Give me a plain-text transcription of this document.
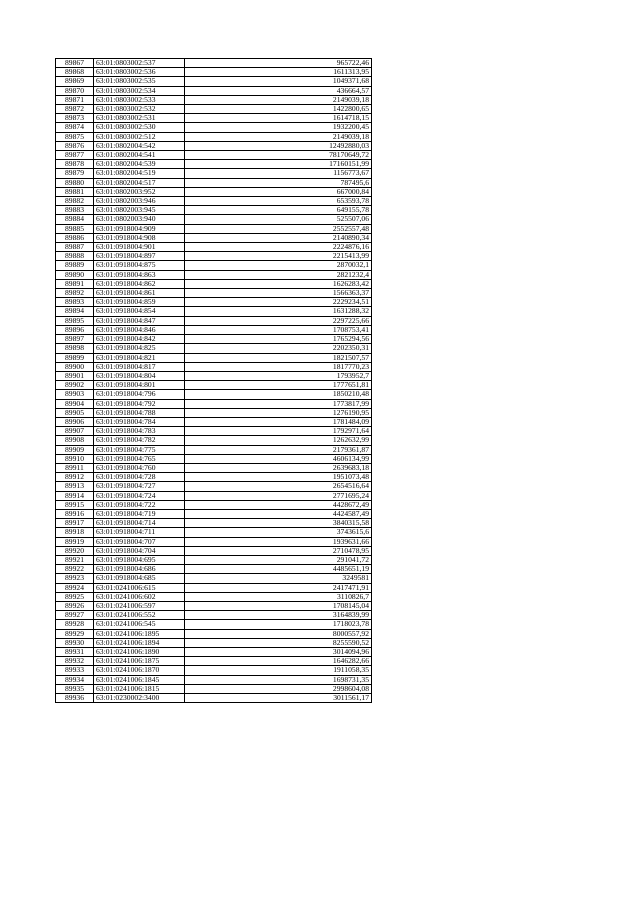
89867	63:01:0803002:537	965722,46
89868	63:01:0803002:536	1611313,95
89869	63:01:0803002:535	1049371,68
89870	63:01:0803002:534	436664,57
89871	63:01:0803002:533	2149039,18
89872	63:01:0803002:532	1422800,65
89873	63:01:0803002:531	1614718,15
89874	63:01:0803002:530	1932200,45
89875	63:01:0803002:512	2149039,18
89876	63:01:0802004:542	12492880,03
89877	63:01:0802004:541	78170649,72
89878	63:01:0802004:539	17160151,99
89879	63:01:0802004:519	1156773,67
89880	63:01:0802004:517	787495,6
89881	63:01:0802003:952	667000,84
89882	63:01:0802003:946	653593,78
89883	63:01:0802003:945	649155,78
89884	63:01:0802003:940	525507,06
89885	63:01:0918004:909	2552557,48
89886	63:01:0918004:908	2140890,34
89887	63:01:0918004:901	2224876,16
89888	63:01:0918004:897	2215413,99
89889	63:01:0918004:875	2870032,1
89890	63:01:0918004:863	2821232,4
89891	63:01:0918004:862	1626283,42
89892	63:01:0918004:861	1566363,37
89893	63:01:0918004:859	2229234,51
89894	63:01:0918004:854	1631288,32
89895	63:01:0918004:847	2297225,66
89896	63:01:0918004:846	1708753,41
89897	63:01:0918004:842	1765294,56
89898	63:01:0918004:825	2202350,31
89899	63:01:0918004:821	1821507,57
89900	63:01:0918004:817	1817770,23
89901	63:01:0918004:804	1793952,7
89902	63:01:0918004:801	1777651,81
89903	63:01:0918004:796	1850210,48
89904	63:01:0918004:792	1773817,99
89905	63:01:0918004:788	1276190,95
89906	63:01:0918004:784	1781484,09
89907	63:01:0918004:783	1792971,64
89908	63:01:0918004:782	1262632,99
89909	63:01:0918004:775	2179361,87
89910	63:01:0918004:765	4606134,99
89911	63:01:0918004:760	2639683,18
89912	63:01:0918004:728	1951073,48
89913	63:01:0918004:727	2654516,64
89914	63:01:0918004:724	2771695,24
89915	63:01:0918004:722	4428672,49
89916	63:01:0918004:719	4424587,49
89917	63:01:0918004:714	3840315,58
89918	63:01:0918004:711	3743615,6
89919	63:01:0918004:707	1939631,66
89920	63:01:0918004:704	2710478,95
89921	63:01:0918004:695	291041,72
89922	63:01:0918004:686	4485651,19
89923	63:01:0918004:685	3249581
89924	63:01:0241006:615	2417471,91
89925	63:01:0241006:602	3110826,7
89926	63:01:0241006:597	1708145,04
89927	63:01:0241006:552	3164839,99
89928	63:01:0241006:545	1718023,78
89929	63:01:0241006:1895	8000557,92
89930	63:01:0241006:1894	8255590,52
89931	63:01:0241006:1890	3014094,96
89932	63:01:0241006:1875	1646282,66
89933	63:01:0241006:1870	1911058,35
89934	63:01:0241006:1845	1698731,35
89935	63:01:0241006:1815	2998604,08
89936	63:01:0230002:3400	3011561,17
